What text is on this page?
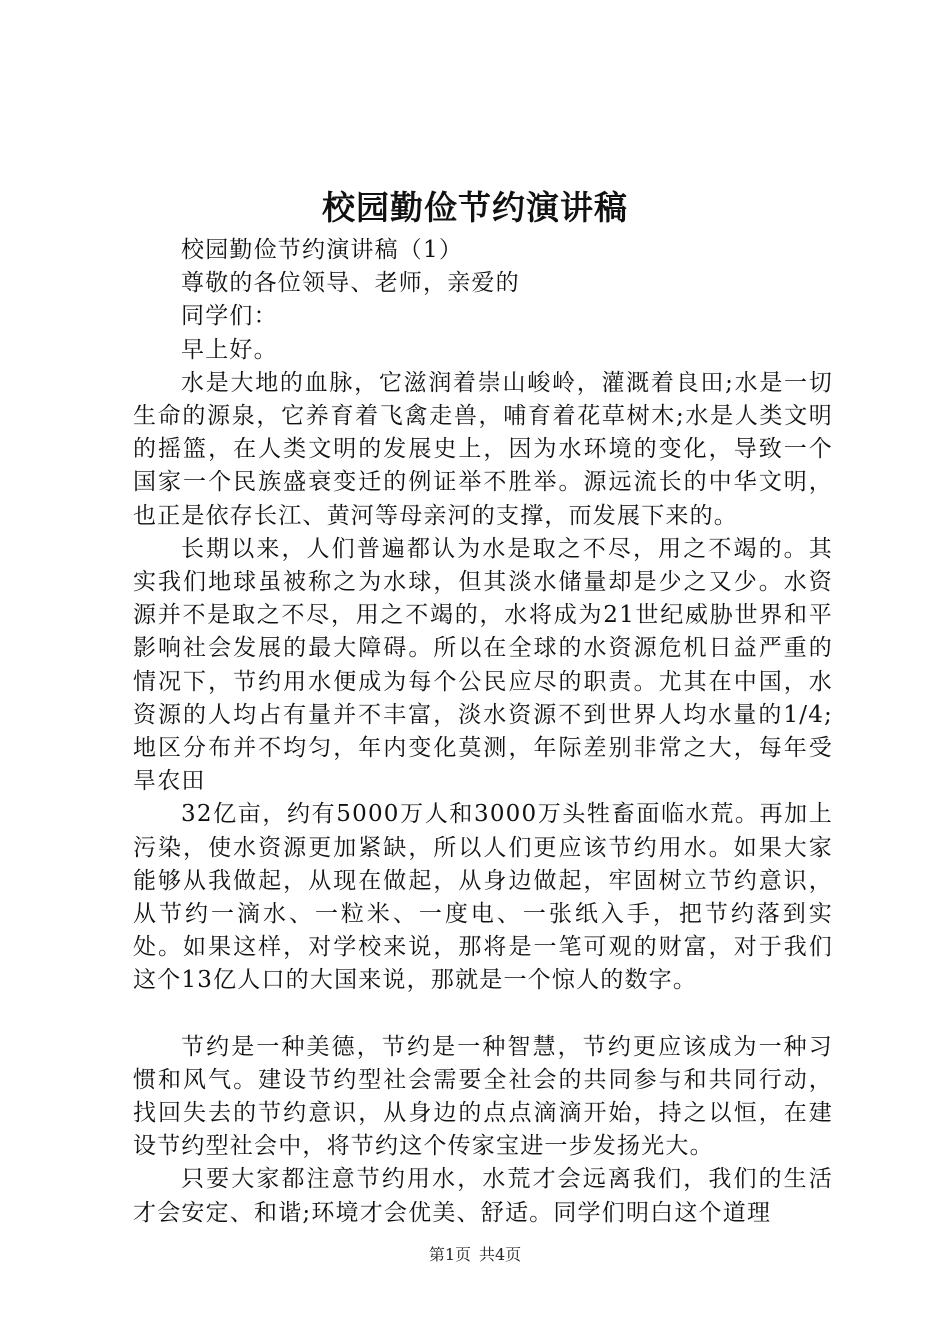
校园勤俭节约演讲稿

校园勤俭节约演讲稿（1）

尊敬的各位领导、老师，亲爱的

同学们：

早上好。

水是大地的血脉，它滋润着崇山峻岭，灌溉着良田;水是一切生命的源泉，它养育着飞禽走兽，哺育着花草树木;水是人类文明的摇篮，在人类文明的发展史上，因为水环境的变化，导致一个国家一个民族盛衰变迁的例证举不胜举。源远流长的中华文明，也正是依存长江、黄河等母亲河的支撑，而发展下来的。

长期以来，人们普遍都认为水是取之不尽，用之不竭的。其实我们地球虽被称之为水球，但其淡水储量却是少之又少。水资源并不是取之不尽，用之不竭的，水将成为21世纪威胁世界和平影响社会发展的最大障碍。所以在全球的水资源危机日益严重的情况下，节约用水便成为每个公民应尽的职责。尤其在中国，水资源的人均占有量并不丰富，淡水资源不到世界人均水量的1/4;地区分布并不均匀，年内变化莫测，年际差别非常之大，每年受旱农田

32亿亩，约有5000万人和3000万头牲畜面临水荒。再加上污染，使水资源更加紧缺，所以人们更应该节约用水。如果大家能够从我做起，从现在做起，从身边做起，牢固树立节约意识，从节约一滴水、一粒米、一度电、一张纸入手，把节约落到实处。如果这样，对学校来说，那将是一笔可观的财富，对于我们这个13亿人口的大国来说，那就是一个惊人的数字。

节约是一种美德，节约是一种智慧，节约更应该成为一种习惯和风气。建设节约型社会需要全社会的共同参与和共同行动，找回失去的节约意识，从身边的点点滴滴开始，持之以恒，在建设节约型社会中，将节约这个传家宝进一步发扬光大。

只要大家都注意节约用水，水荒才会远离我们，我们的生活才会安定、和谐;环境才会优美、舒适。同学们明白这个道理

第1页 共4页
